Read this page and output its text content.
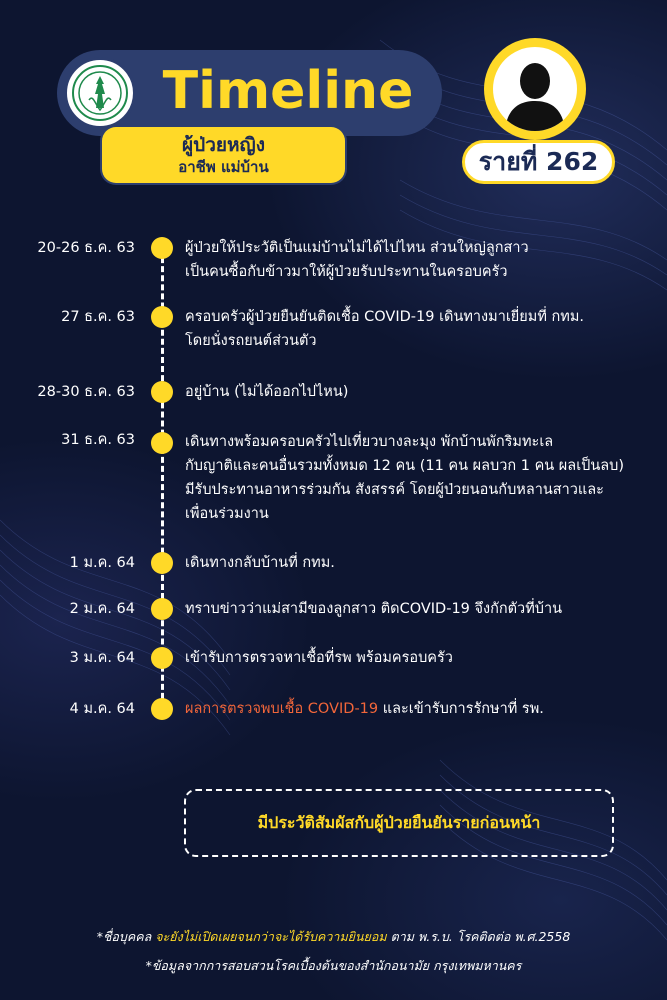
Timeline
ผู้ป่วยหญิง
อาชีพ แม่บ้าน	รายที่ 262
20-26 ธ.ค. 63	ผู้ป่วยให้ประวัติเป็นแม่บ้านไม่ได้ไปไหน ส่วนใหญ่ลูกสาว
เป็นคนซื้อกับข้าวมาให้ผู้ป่วยรับประทานในครอบครัว
27 ธ.ค. 63	ครอบครัวผู้ป่วยยืนยันติดเชื้อ COVID-19 เดินทางมาเยี่ยมที่ กทม.
โดยนั่งรถยนต์ส่วนตัว
28-30 ธ.ค. 63	อยู่บ้าน (ไม่ได้ออกไปไหน)
31 ธ.ค. 63	เดินทางพร้อมครอบครัวไปเที่ยวบางละมุง พักบ้านพักริมทะเล
กับญาติและคนอื่นรวมทั้งหมด 12 คน (11 คน ผลบวก 1 คน ผลเป็นลบ)
มีรับประทานอาหารร่วมกัน สังสรรค์ โดยผู้ป่วยนอนกับหลานสาวและ
เพื่อนร่วมงาน
1 ม.ค. 64	เดินทางกลับบ้านที่ กทม.
2 ม.ค. 64	ทราบข่าวว่าแม่สามีของลูกสาว ติดCOVID-19 จึงกักตัวที่บ้าน
3 ม.ค. 64	เข้ารับการตรวจหาเชื้อที่รพ พร้อมครอบครัว
4 ม.ค. 64	ผลการตรวจพบเชื้อ COVID-19 และเข้ารับการรักษาที่ รพ.
มีประวัติสัมผัสกับผู้ป่วยยืนยันรายก่อนหน้า
*ชื่อบุคคล จะยังไม่เปิดเผยจนกว่าจะได้รับความยินยอม ตาม พ.ร.บ. โรคติดต่อ พ.ศ.2558
*ข้อมูลจากการสอบสวนโรคเบื้องต้นของสำนักอนามัย กรุงเทพมหานคร
